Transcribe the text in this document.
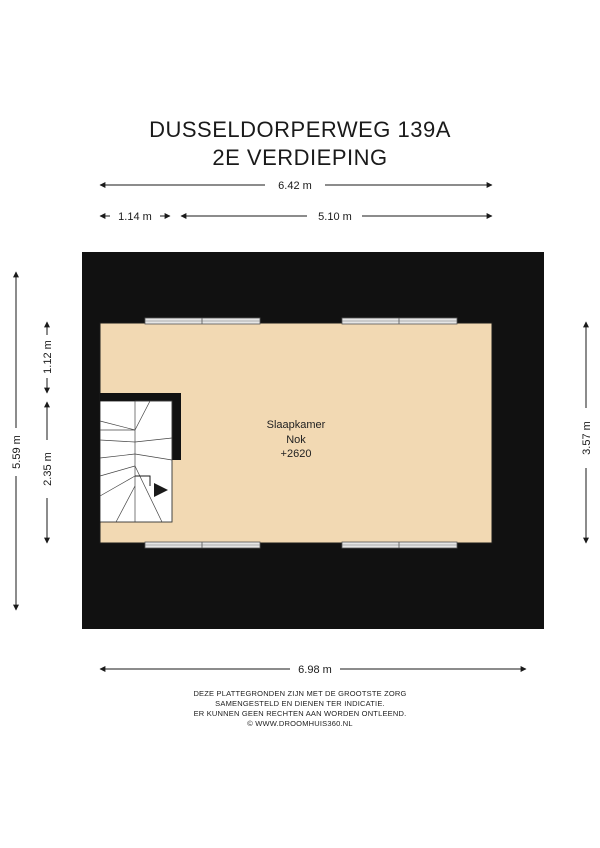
DUSSELDORPERWEG 139A
2E VERDIEPING
6.42 m
1.14 m	5.10 m
5.59 m
1.12 m
2.35 m
3.57 m
6.98 m
Slaapkamer
Nok
+2620
DEZE PLATTEGRONDEN ZIJN MET DE GROOTSTE ZORG
SAMENGESTELD EN DIENEN TER INDICATIE.
ER KUNNEN GEEN RECHTEN AAN WORDEN ONTLEEND.
© WWW.DROOMHUIS360.NL
